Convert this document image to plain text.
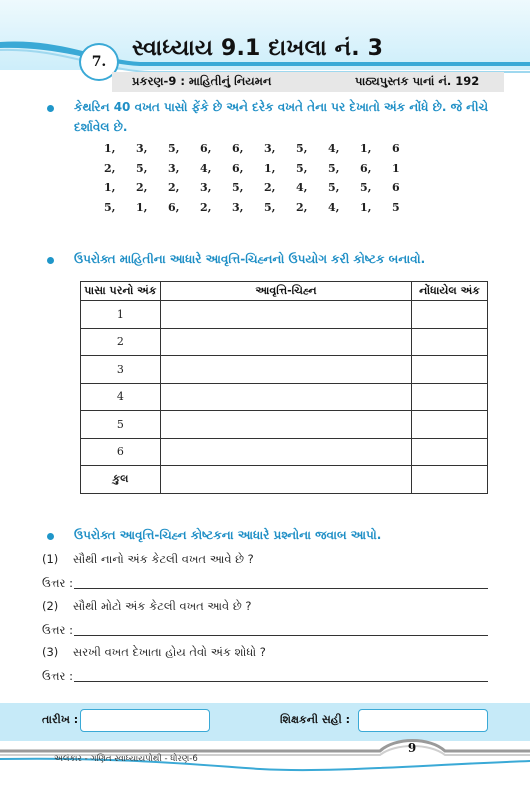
7.
સ્વાધ્યાય 9.1 દાખલા નં. 3
પ્રકરણ-9 : માહિતીનું નિયમન	પાઠ્યપુસ્તક પાનાં નં. 192
કેથરિન 40 વખત પાસો ફેંકે છે અને દરેક વખતે તેના પર દેખાતો અંક નોંધે છે. જે નીચે દર્શાવેલ છે.
1,	3,	5,	6,	6,	3,	5,	4,	1,	6
2,	5,	3,	4,	6,	1,	5,	5,	6,	1
1,	2,	2,	3,	5,	2,	4,	5,	5,	6
5,	1,	6,	2,	3,	5,	2,	4,	1,	5
ઉપરોક્ત માહિતીના આધારે આવૃત્તિ-ચિહ્નનો ઉપયોગ કરી કોષ્ટક બનાવો.
પાસા પરનો અંક	આવૃત્તિ-ચિહ્ન	નોંધાયેલ અંક
1		
2		
3		
4		
5		
6		
કુલ		
ઉપરોક્ત આવૃત્તિ-ચિહ્ન કોષ્ટકના આધારે પ્રશ્નોના જવાબ આપો.
(1) સૌથી નાનો અંક કેટલી વખત આવે છે ?
ઉત્તર :
(2) સૌથી મોટો અંક કેટલી વખત આવે છે ?
ઉત્તર :
(3) સરખી વખત દેખાતા હોય તેવો અંક શોધો ?
ઉત્તર :
તારીખ :	શિક્ષકની સહી :
9
અલંકાર - ગણિત સ્વાધ્યાયપોથી - ધોરણ-6
